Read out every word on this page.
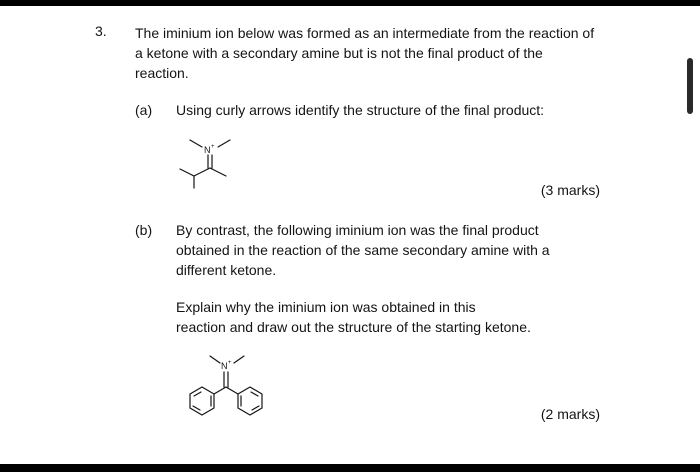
3. The iminium ion below was formed as an intermediate from the reaction of
a ketone with a secondary amine but is not the final product of the
reaction.
(a) Using curly arrows identify the structure of the final product:
N +
(3 marks)
(b) By contrast, the following iminium ion was the final product
obtained in the reaction of the same secondary amine with a
different ketone.
Explain why the iminium ion was obtained in this
reaction and draw out the structure of the starting ketone.
N +
(2 marks)
